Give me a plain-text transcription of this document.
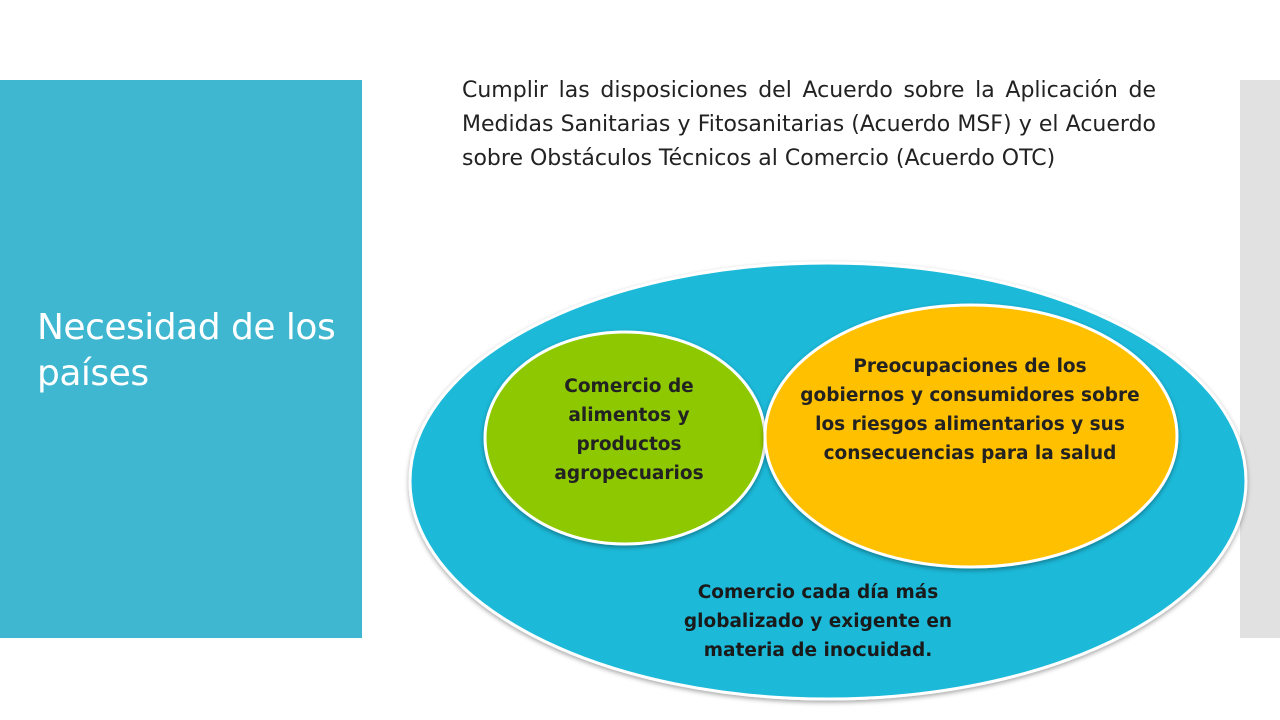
Necesidad de los países
Cumplir las disposiciones del Acuerdo sobre la Aplicación de Medidas Sanitarias y Fitosanitarias (Acuerdo MSF) y el Acuerdo sobre Obstáculos Técnicos al Comercio (Acuerdo OTC)
Comercio de alimentos y productos agropecuarios
Preocupaciones de los gobiernos y consumidores sobre los riesgos alimentarios y sus consecuencias para la salud
Comercio cada día más globalizado y exigente en materia de inocuidad.
